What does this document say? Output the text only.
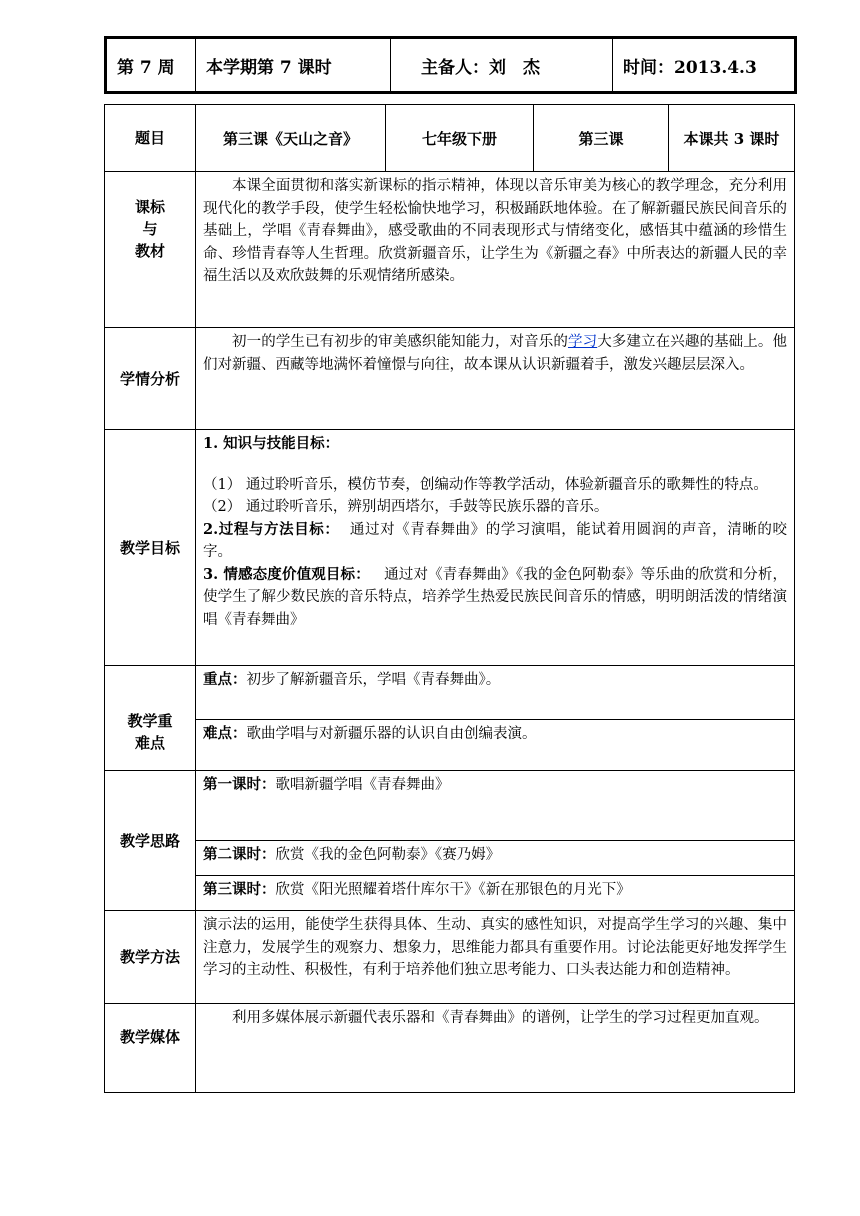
第 7 周	本学期第 7 课时	主备人：刘　杰	时间：2013.4.3
题目	第三课《天山之音》	七年级下册	第三课	本课共 3 课时

课标
与
教材	本课全面贯彻和落实新课标的指示精神，体现以音乐审美为核心的教学理念，充分利用现代化的教学手段，使学生轻松愉快地学习，积极踊跃地体验。在了解新疆民族民间音乐的基础上，学唱《青春舞曲》，感受歌曲的不同表现形式与情绪变化，感悟其中蕴涵的珍惜生命、珍惜青春等人生哲理。欣赏新疆音乐，让学生为《新疆之春》中所表达的新疆人民的幸福生活以及欢欣鼓舞的乐观情绪所感染。			
学情分析	初一的学生已有初步的审美感织能知能力，对音乐的学习大多建立在兴趣的基础上。他们对新疆、西藏等地满怀着憧憬与向往，故本课从认识新疆着手，激发兴趣层层深入。			
教学目标	1. 知识与技能目标：

（1） 通过聆听音乐，模仿节奏，创编动作等教学活动，体验新疆音乐的歌舞性的特点。

（2） 通过聆听音乐，辨别胡西塔尔，手鼓等民族乐器的音乐。

2.过程与方法目标： 通过对《青春舞曲》的学习演唱，能试着用圆润的声音，清晰的咬字。

3. 情感态度价值观目标： 通过对《青春舞曲》《我的金色阿勒泰》等乐曲的欣赏和分析，使学生了解少数民族的音乐特点，培养学生热爱民族民间音乐的情感，明明朗活泼的情绪演唱《青春舞曲》			

教学重
难点	重点：初步了解新疆音乐，学唱《青春舞曲》。			
	难点：歌曲学唱与对新疆乐器的认识自由创编表演。			
教学思路	第一课时：歌唱新疆学唱《青春舞曲》			
	第二课时：欣赏《我的金色阿勒泰》《赛乃姆》			
	第三课时：欣赏《阳光照耀着塔什库尔干》《新在那银色的月光下》			
教学方法	演示法的运用，能使学生获得具体、生动、真实的感性知识，对提高学生学习的兴趣、集中注意力，发展学生的观察力、想象力，思维能力都具有重要作用。讨论法能更好地发挥学生学习的主动性、积极性，有利于培养他们独立思考能力、口头表达能力和创造精神。			
教学媒体	利用多媒体展示新疆代表乐器和《青春舞曲》的谱例，让学生的学习过程更加直观。			
